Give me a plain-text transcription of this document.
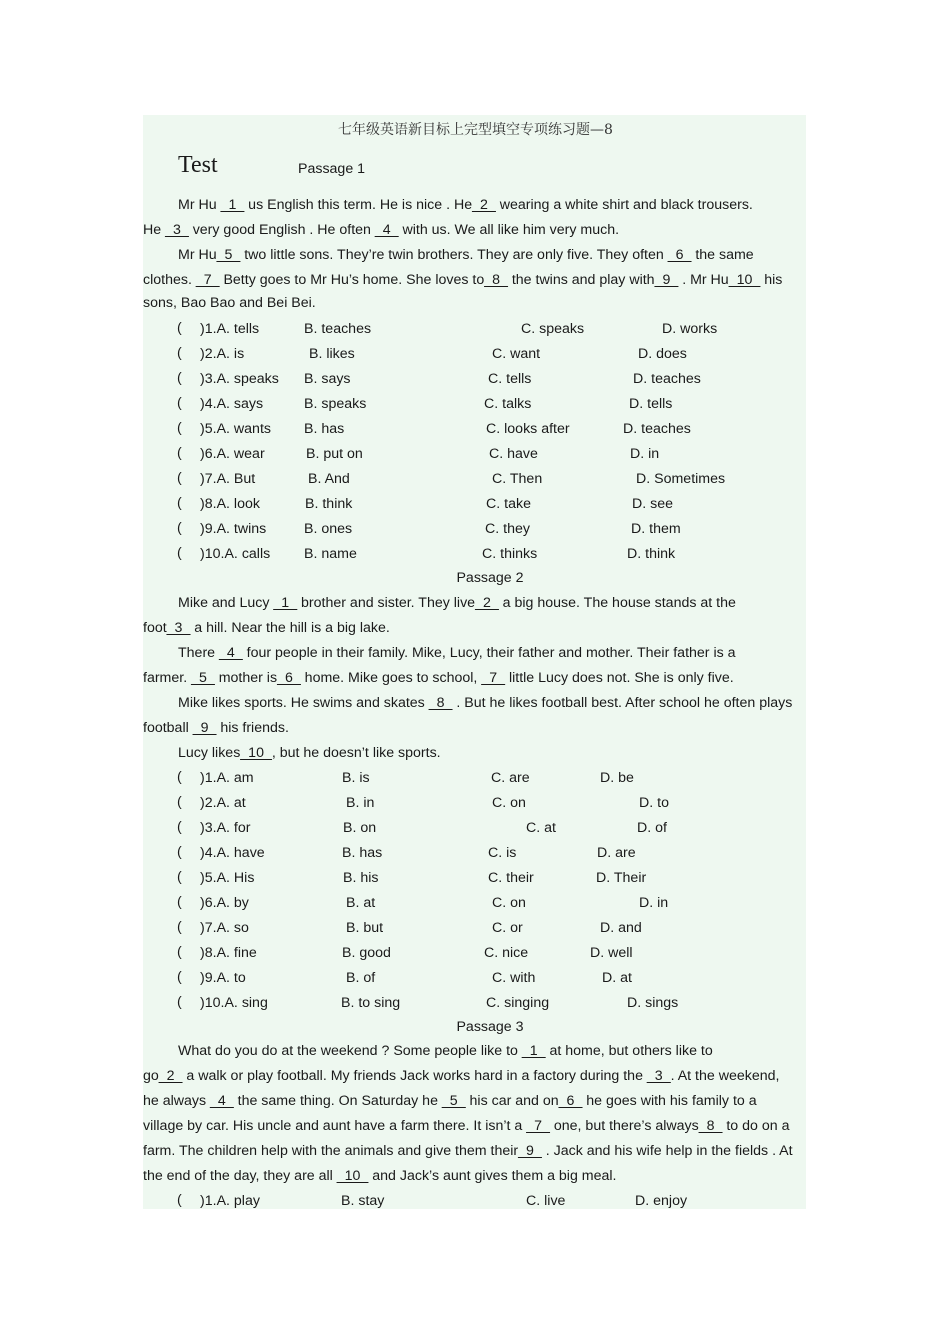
七年级英语新目标上完型填空专项练习题—8
Test	Passage 1
Mr Hu _1_ us English this term. He is nice . He_2_ wearing a white shirt and black trousers.
He _3_ very good English . He often _4_ with us. We all like him very much.
Mr Hu_5_ two little sons. They’re twin brothers. They are only five. They often _6_ the same
clothes. _7_ Betty goes to Mr Hu’s home. She loves to_8_ the twins and play with_9_ . Mr Hu_10_ his
sons, Bao Bao and Bei Bei.
( )1.A. tells	B. teaches	C. speaks	D. works
( )2.A. is	B. likes	C. want	D. does
( )3.A. speaks B. says	C. tells	D. teaches
( )4.A. says	B. speaks	C. talks	D. tells
( )5.A. wants B. has	C. looks after	D. teaches
( )6.A. wear	B. put on	C. have	D. in
( )7.A. But	B. And	C. Then	D. Sometimes
( )8.A. look	B. think	C. take	D. see
( )9.A. twins	B. ones	C. they	D. them
( )10.A. calls B. name	C. thinks	D. think
Passage 2
Mike and Lucy _1_ brother and sister. They live_2_ a big house. The house stands at the
foot_3_ a hill. Near the hill is a big lake.
There _4_ four people in their family. Mike, Lucy, their father and mother. Their father is a
farmer. _5_ mother is_6_ home. Mike goes to school, _7_ little Lucy does not. She is only five.
Mike likes sports. He swims and skates _8_ . But he likes football best. After school he often plays
football _9_ his friends.
Lucy likes_10_, but he doesn’t like sports.
( )1.A. am	B. is	C. are	D. be
( )2.A. at	B. in	C. on	D. to
( )3.A. for	B. on	C. at	D. of
( )4.A. have	B. has	C. is	D. are
( )5.A. His	B. his	C. their	D. Their
( )6.A. by	B. at	C. on	D. in
( )7.A. so	B. but	C. or	D. and
( )8.A. fine	B. good	C. nice	D. well
( )9.A. to	B. of	C. with	D. at
( )10.A. sing	B. to sing	C. singing	D. sings
Passage 3
What do you do at the weekend ? Some people like to _1_ at home, but others like to
go_2_ a walk or play football. My friends Jack works hard in a factory during the _3_. At the weekend,
he always _4_ the same thing. On Saturday he _5_ his car and on_6_ he goes with his family to a
village by car. His uncle and aunt have a farm there. It isn’t a _7_ one, but there’s always_8_ to do on a
farm. The children help with the animals and give them their_9_ . Jack and his wife help in the fields . At
the end of the day, they are all _10_ and Jack’s aunt gives them a big meal.
( )1.A. play	B. stay	C. live	D. enjoy
